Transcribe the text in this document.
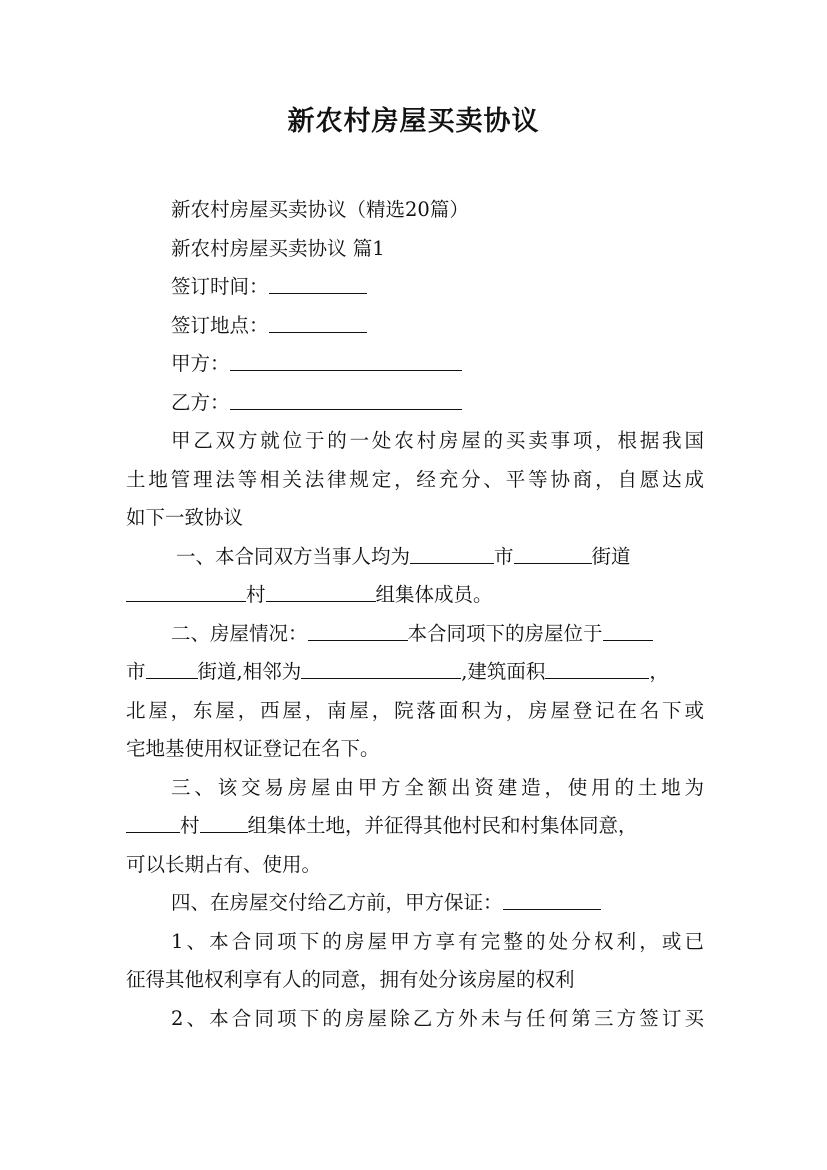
新农村房屋买卖协议
新农村房屋买卖协议（精选20篇）
新农村房屋买卖协议 篇1
签订时间：
签订地点：
甲方：
乙方：
甲乙双方就位于的一处农村房屋的买卖事项，根据我国
土地管理法等相关法律规定，经充分、平等协商，自愿达成
如下一致协议
一、本合同双方当事人均为	市	街道
村	组集体成员。
二、房屋情况：	本合同项下的房屋位于
市	街道,相邻为	,建筑面积	，
北屋，东屋，西屋，南屋，院落面积为，房屋登记在名下或
宅地基使用权证登记在名下。
三、该交易房屋由甲方全额出资建造，使用的土地为
村 组集体土地，并征得其他村民和村集体同意，
可以长期占有、使用。
四、在房屋交付给乙方前，甲方保证：
1、本合同项下的房屋甲方享有完整的处分权利，或已
征得其他权利享有人的同意，拥有处分该房屋的权利
2、本合同项下的房屋除乙方外未与任何第三方签订买
